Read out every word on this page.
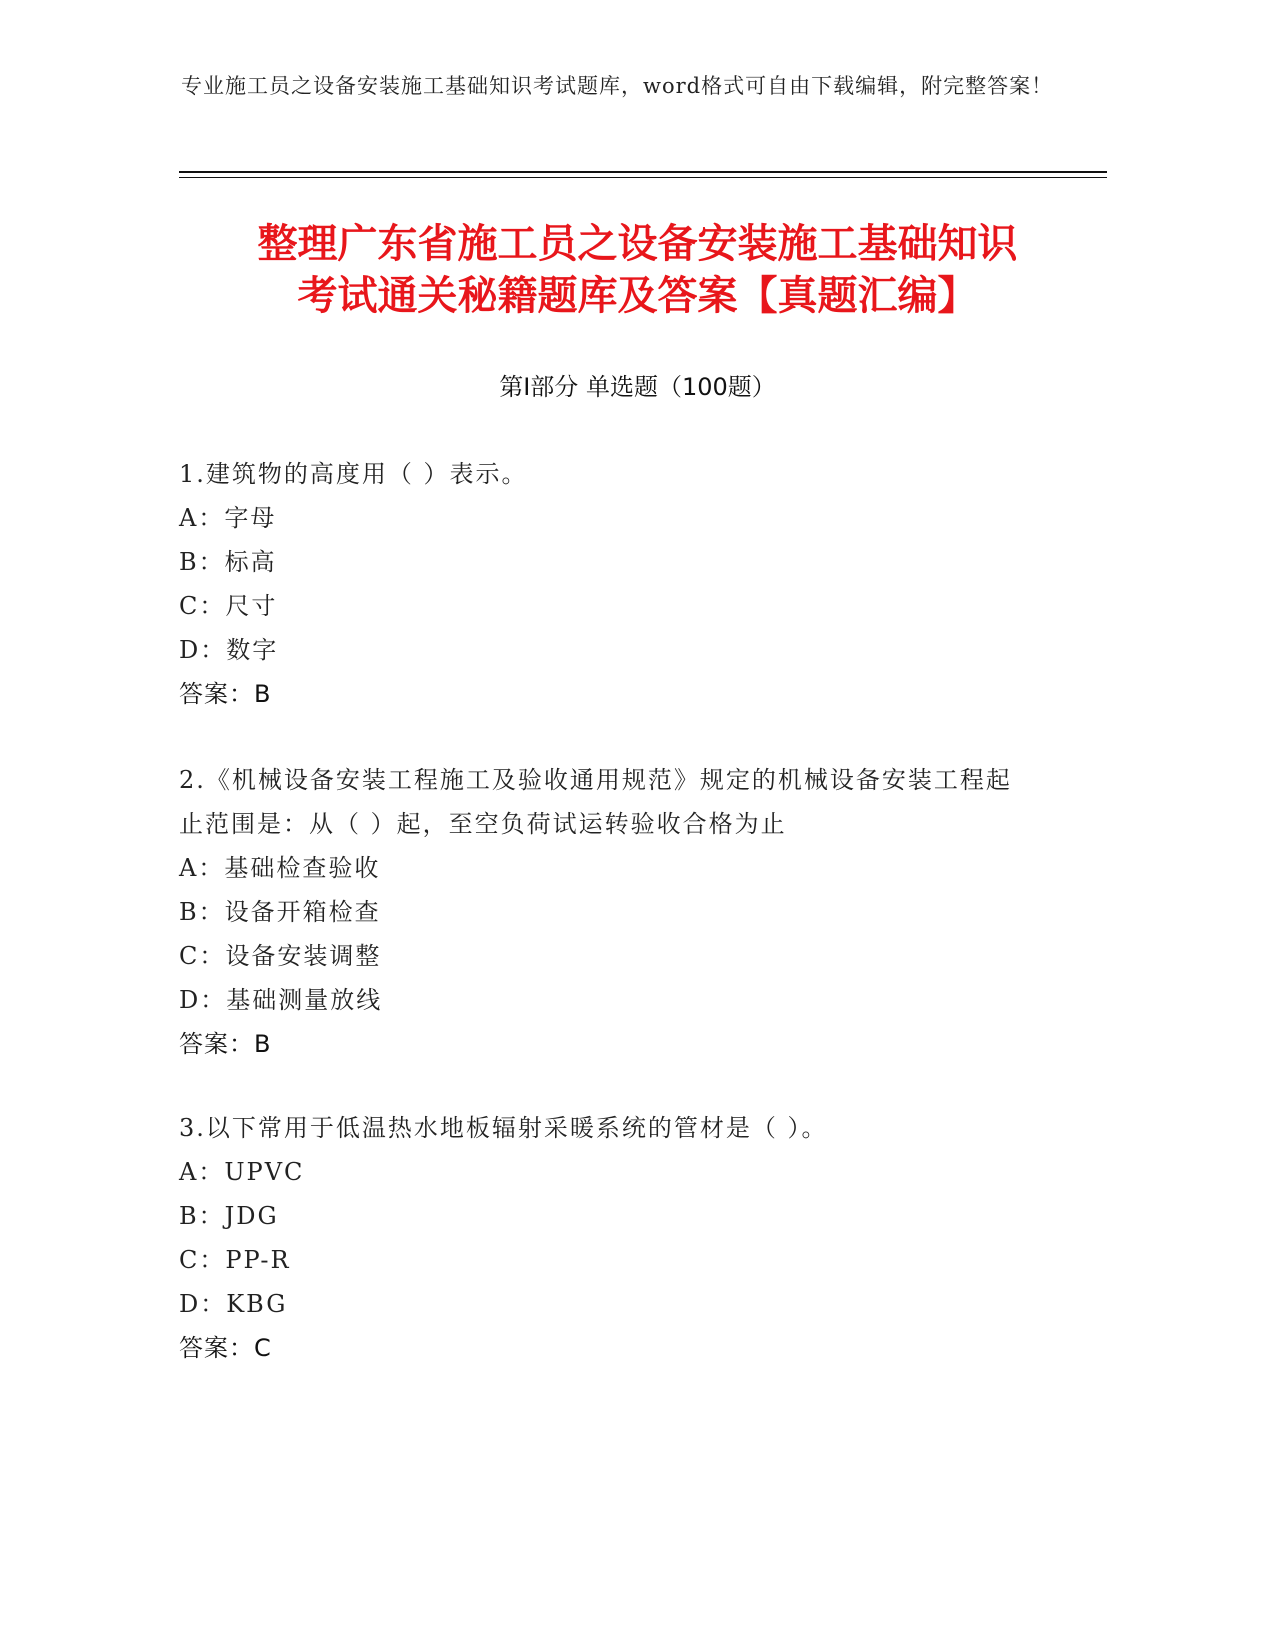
专业施工员之设备安装施工基础知识考试题库，word格式可自由下载编辑，附完整答案！
整理广东省施工员之设备安装施工基础知识
考试通关秘籍题库及答案【真题汇编】
第I部分 单选题（100题）
1.建筑物的高度用（ ）表示。
A：字母
B：标高
C：尺寸
D：数字
答案：B
2.《机械设备安装工程施工及验收通用规范》规定的机械设备安装工程起止范围是：从（ ）起，至空负荷试运转验收合格为止
A：基础检查验收
B：设备开箱检查
C：设备安装调整
D：基础测量放线
答案：B
3.以下常用于低温热水地板辐射采暖系统的管材是（ ）。
A：UPVC
B：JDG
C：PP-R
D：KBG
答案：C
